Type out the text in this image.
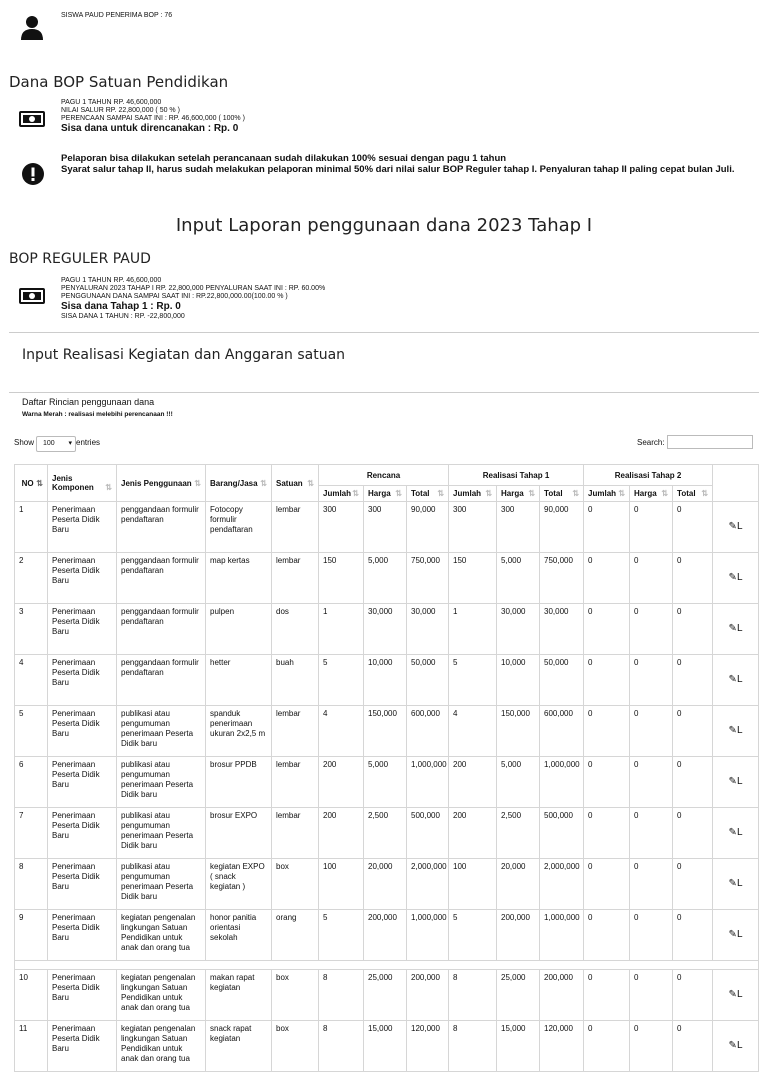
SISWA PAUD PENERIMA BOP : 76
Dana BOP Satuan Pendidikan
PAGU 1 TAHUN RP. 46,600,000
NILAI SALUR RP. 22,800,000 ( 50 % )
PERENCAAN SAMPAI SAAT INI : RP. 46,600,000 ( 100% )
Sisa dana untuk direncanakan : Rp. 0
Pelaporan bisa dilakukan setelah perancanaan sudah dilakukan 100% sesuai dengan pagu 1 tahun
Syarat salur tahap II, harus sudah melakukan pelaporan minimal 50% dari nilai salur BOP Reguler tahap I. Penyaluran tahap II paling cepat bulan Juli.
Input Laporan penggunaan dana 2023 Tahap I
BOP REGULER PAUD
PAGU 1 TAHUN RP. 46,600,000
PENYALURAN 2023 TAHAP I RP. 22,800,000 PENYALURAN SAAT INI : RP. 60.00%
PENGGUNAAN DANA SAMPAI SAAT INI : RP.22,800,000.00(100.00 % )
Sisa dana Tahap 1 : Rp. 0
SISA DANA 1 TAHUN : RP. -22,800,000
Input Realisasi Kegiatan dan Anggaran satuan
Daftar Rincian penggunaan dana
Warna Merah : realisasi melebihi perencanaan !!!
Show	100 ▾ entries	Search:
NO ⇅	Jenis Komponen ⇅	Jenis Penggunaan ⇅	Barang/Jasa ⇅	Satuan ⇅	Rencana			Realisasi Tahap 1			Realisasi Tahap 2			
					Jumlah ⇅	Harga ⇅	Total ⇅	Jumlah ⇅	Harga ⇅	Total ⇅	Jumlah ⇅	Harga ⇅	Total ⇅	

1	Penerimaan Peserta Didik Baru	penggandaan formulir pendaftaran	Fotocopy formulir pendaftaran	lembar	300	300	90,000	300	300	90,000	0	0	0	✎L
2	Penerimaan Peserta Didik Baru	penggandaan formulir pendaftaran	map kertas	lembar	150	5,000	750,000	150	5,000	750,000	0	0	0	✎L
3	Penerimaan Peserta Didik Baru	penggandaan formulir pendaftaran	pulpen	dos	1	30,000	30,000	1	30,000	30,000	0	0	0	✎L
4	Penerimaan Peserta Didik Baru	penggandaan formulir pendaftaran	hetter	buah	5	10,000	50,000	5	10,000	50,000	0	0	0	✎L
5	Penerimaan Peserta Didik Baru	publikasi atau pengumuman penerimaan Peserta Didik baru	spanduk penerimaan ukuran 2x2,5 m	lembar	4	150,000	600,000	4	150,000	600,000	0	0	0	✎L
6	Penerimaan Peserta Didik Baru	publikasi atau pengumuman penerimaan Peserta Didik baru	brosur PPDB	lembar	200	5,000	1,000,000	200	5,000	1,000,000	0	0	0	✎L
7	Penerimaan Peserta Didik Baru	publikasi atau pengumuman penerimaan Peserta Didik baru	brosur EXPO	lembar	200	2,500	500,000	200	2,500	500,000	0	0	0	✎L
8	Penerimaan Peserta Didik Baru	publikasi atau pengumuman penerimaan Peserta Didik baru	kegiatan EXPO ( snack kegiatan )	box	100	20,000	2,000,000	100	20,000	2,000,000	0	0	0	✎L
9	Penerimaan Peserta Didik Baru	kegiatan pengenalan lingkungan Satuan Pendidikan untuk anak dan orang tua	honor panitia orientasi sekolah	orang	5	200,000	1,000,000	5	200,000	1,000,000	0	0	0	✎L

10	Penerimaan Peserta Didik Baru	kegiatan pengenalan lingkungan Satuan Pendidikan untuk anak dan orang tua	makan rapat kegiatan	box	8	25,000	200,000	8	25,000	200,000	0	0	0	✎L
11	Penerimaan Peserta Didik Baru	kegiatan pengenalan lingkungan Satuan Pendidikan untuk anak dan orang tua	snack rapat kegiatan	box	8	15,000	120,000	8	15,000	120,000	0	0	0	✎L
